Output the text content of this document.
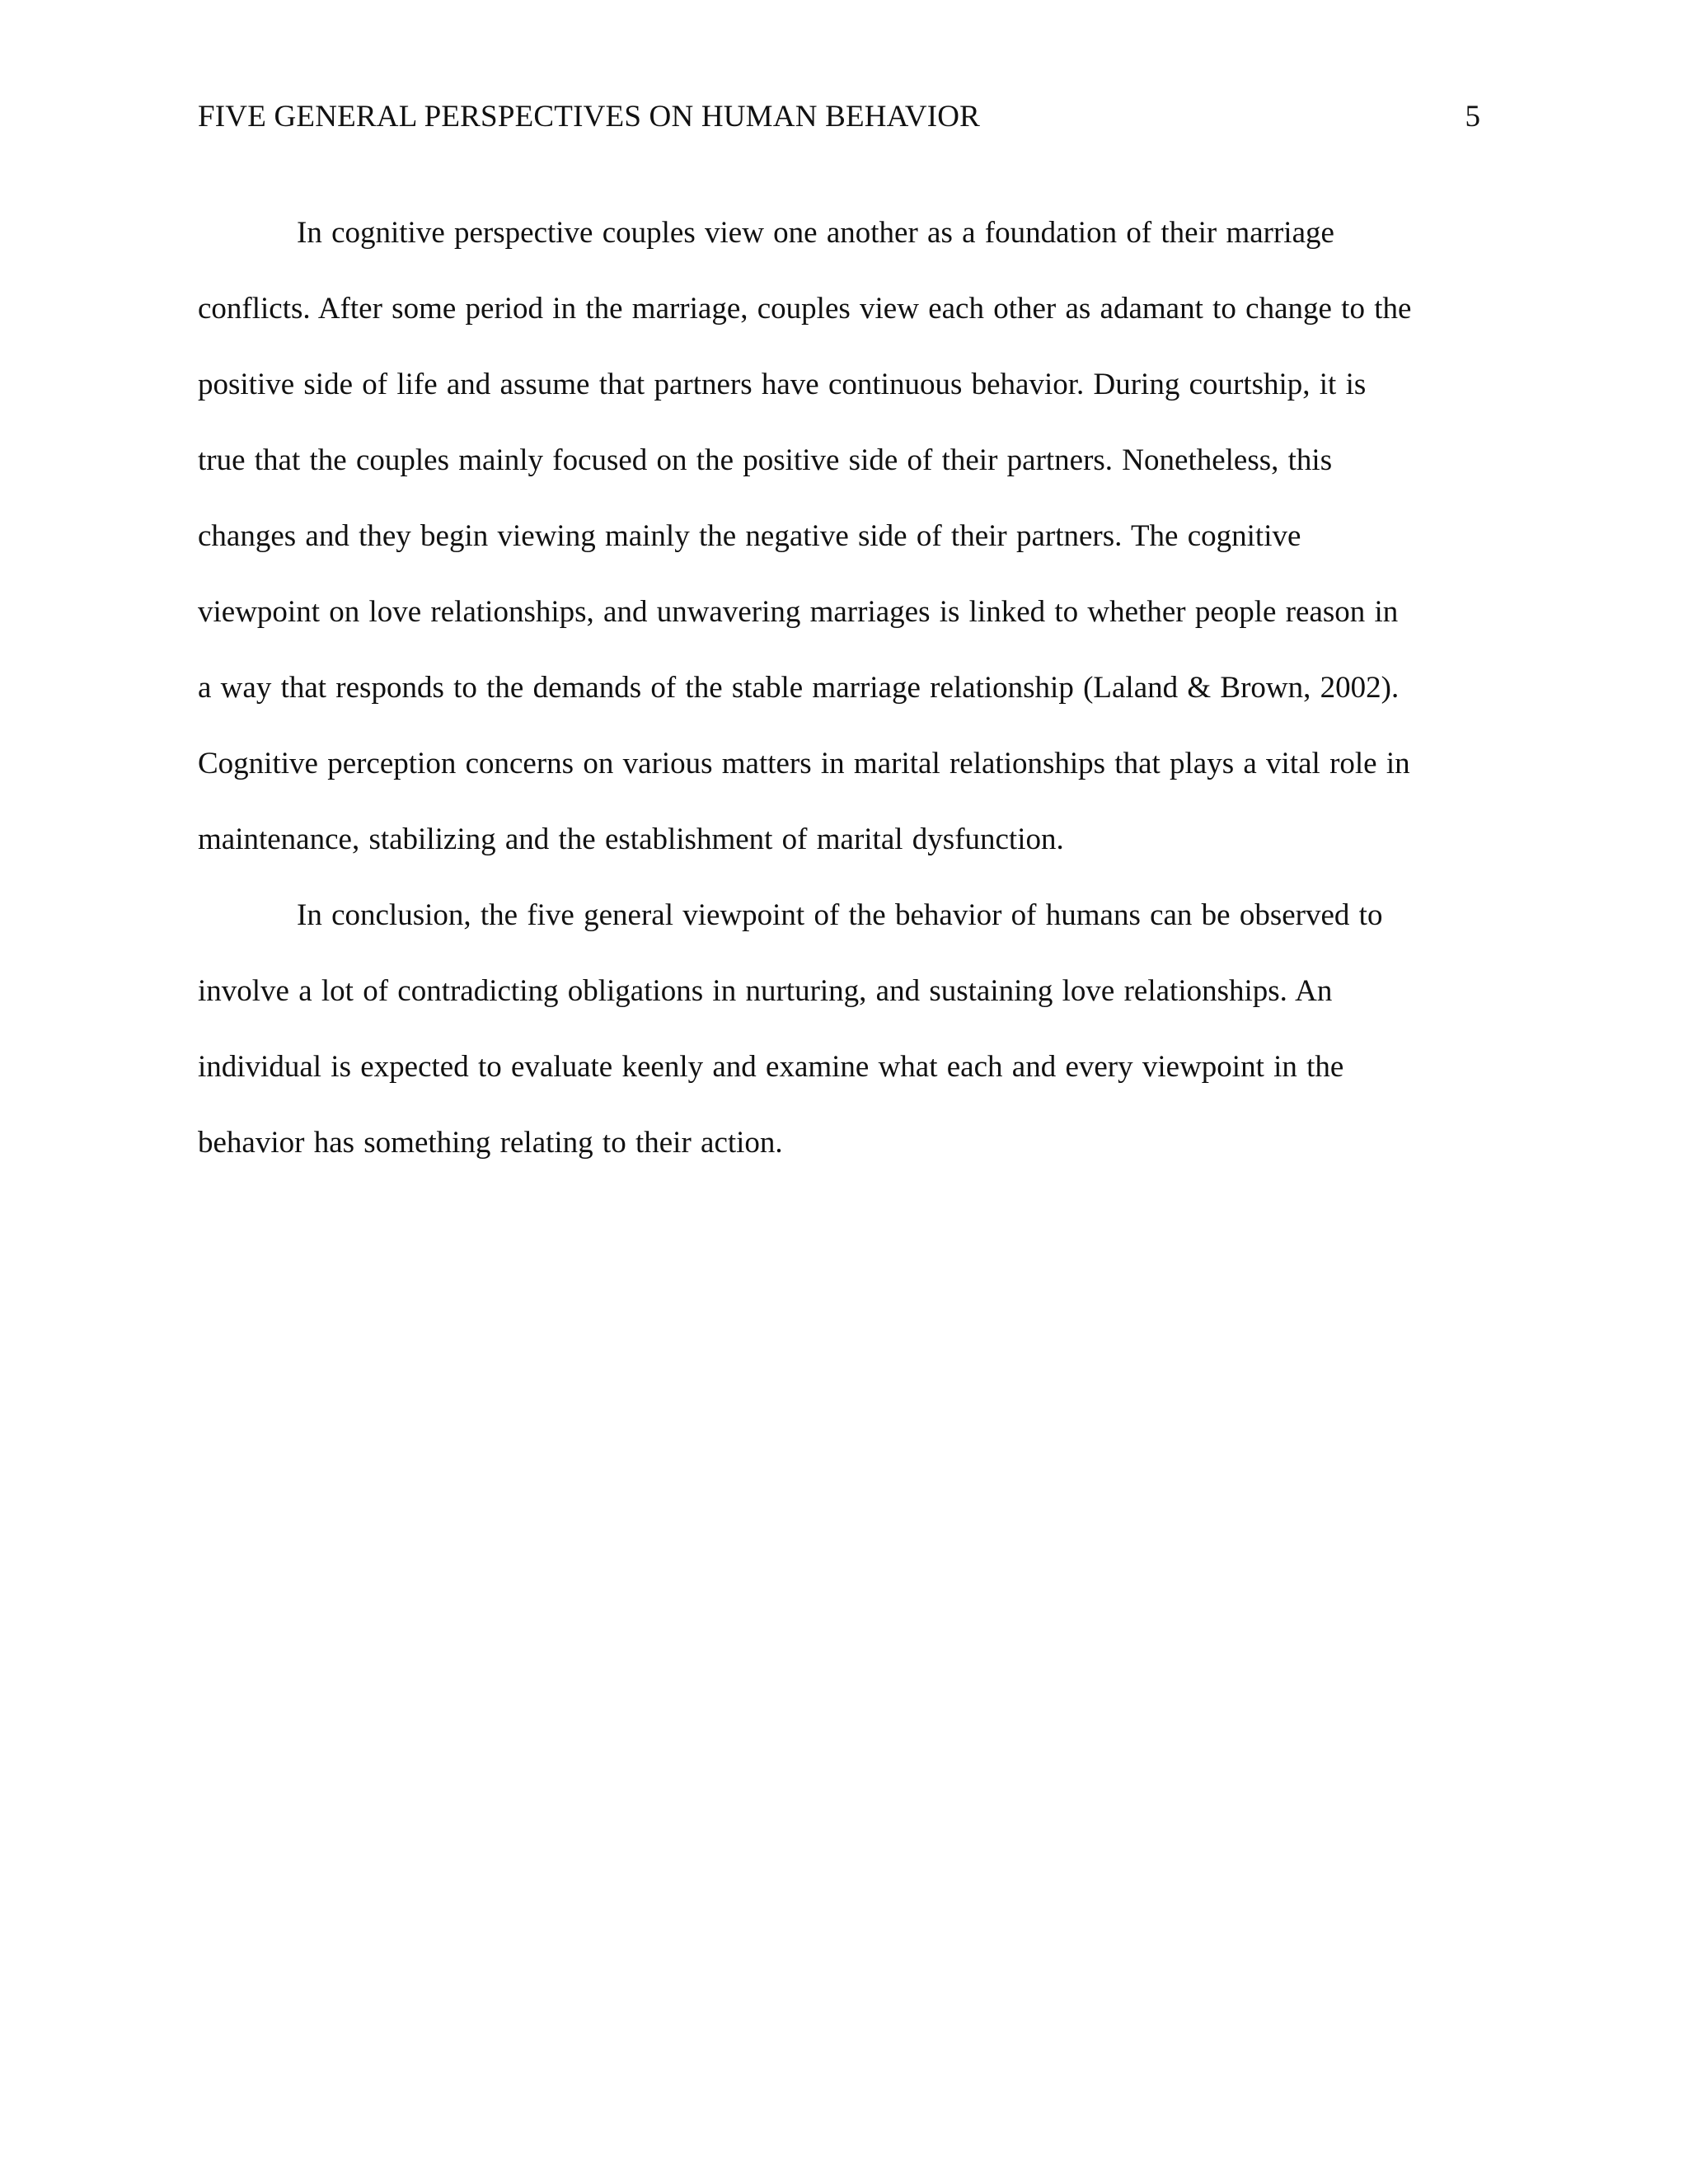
FIVE GENERAL PERSPECTIVES ON HUMAN BEHAVIOR	5
In cognitive perspective couples view one another as a foundation of their marriage
conflicts. After some period in the marriage, couples view each other as adamant to change to the
positive side of life and assume that partners have continuous behavior. During courtship, it is
true that the couples mainly focused on the positive side of their partners. Nonetheless, this
changes and they begin viewing mainly the negative side of their partners. The cognitive
viewpoint on love relationships, and unwavering marriages is linked to whether people reason in
a way that responds to the demands of the stable marriage relationship (Laland & Brown, 2002).
Cognitive perception concerns on various matters in marital relationships that plays a vital role in
maintenance, stabilizing and the establishment of marital dysfunction.
In conclusion, the five general viewpoint of the behavior of humans can be observed to
involve a lot of contradicting obligations in nurturing, and sustaining love relationships. An
individual is expected to evaluate keenly and examine what each and every viewpoint in the
behavior has something relating to their action.
